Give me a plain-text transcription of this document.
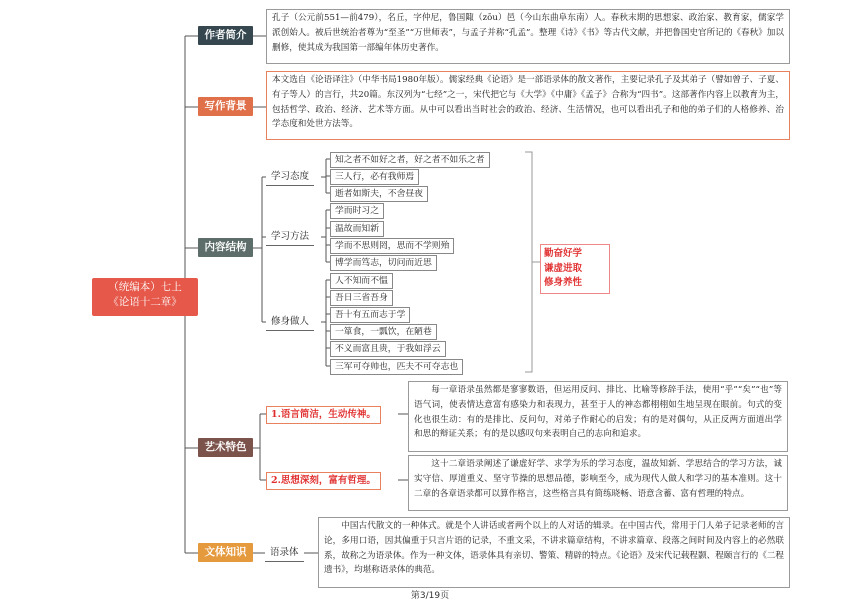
（统编本）七上
《论语十二章》
作者简介
孔子（公元前551—前479），名丘，字仲尼，鲁国陬（zōu）邑（今山东曲阜东南）人。春秋末期的思想家、政治家、教育家，儒家学派创始人。被后世统治者尊为“至圣”“万世师表”，与孟子并称“孔孟”。整理《诗》《书》等古代文献，并把鲁国史官所记的《春秋》加以删修，使其成为我国第一部编年体历史著作。
写作背景
本文选自《论语译注》（中华书局1980年版）。儒家经典《论语》是一部语录体的散文著作，主要记录孔子及其弟子（譬如曾子、子夏、有子等人）的言行，共20篇。东汉列为“七经”之一，宋代把它与《大学》《中庸》《孟子》合称为“四书”。这部著作内容上以教育为主，包括哲学、政治、经济、艺术等方面。从中可以看出当时社会的政治、经济、生活情况，也可以看出孔子和他的弟子们的人格修养、治学态度和处世方法等。
内容结构
学习态度
学习方法
修身做人
知之者不如好之者，好之者不如乐之者
三人行，必有我师焉
逝者如斯夫，不舍昼夜
学而时习之
温故而知新
学而不思则罔，思而不学则殆
博学而笃志，切问而近思
人不知而不愠
吾日三省吾身
吾十有五而志于学
一箪食，一瓢饮，在陋巷
不义而富且贵，于我如浮云
三军可夺帅也，匹夫不可夺志也
勤奋好学
谦虚进取
修身养性
艺术特色
1.语言简洁，生动传神。
2.思想深刻，富有哲理。
每一章语录虽然都是寥寥数语，但运用反问、排比、比喻等修辞手法，使用“乎”“矣”“也”等语气词，使表情达意富有感染力和表现力，甚至于人的神态都栩栩如生地呈现在眼前。句式的变化也很生动：有的是排比、反问句，对弟子作耐心的启发；有的是对偶句，从正反两方面道出学和思的辩证关系；有的是以感叹句来表明自己的志向和追求。
这十二章语录阐述了谦虚好学、求学为乐的学习态度，温故知新、学思结合的学习方法，诚实守信、厚道重义、坚守节操的思想品德，影响至今，成为现代人做人和学习的基本准则。这十二章的各章语录都可以算作格言，这些格言具有简练晓畅、语意含蓄、富有哲理的特点。
文体知识	语录体
中国古代散文的一种体式。就是个人讲话或者两个以上的人对话的辑录。在中国古代，常用于门人弟子记录老师的言论，多用口语，因其偏重于只言片语的记录，不重文采，不讲求篇章结构，不讲求篇章、段落之间时间及内容上的必然联系，故称之为语录体。作为一种文体，语录体具有亲切、警策、精辟的特点。《论语》及宋代记载程颢、程颐言行的《二程遗书》，均堪称语录体的典范。
第3/19页
